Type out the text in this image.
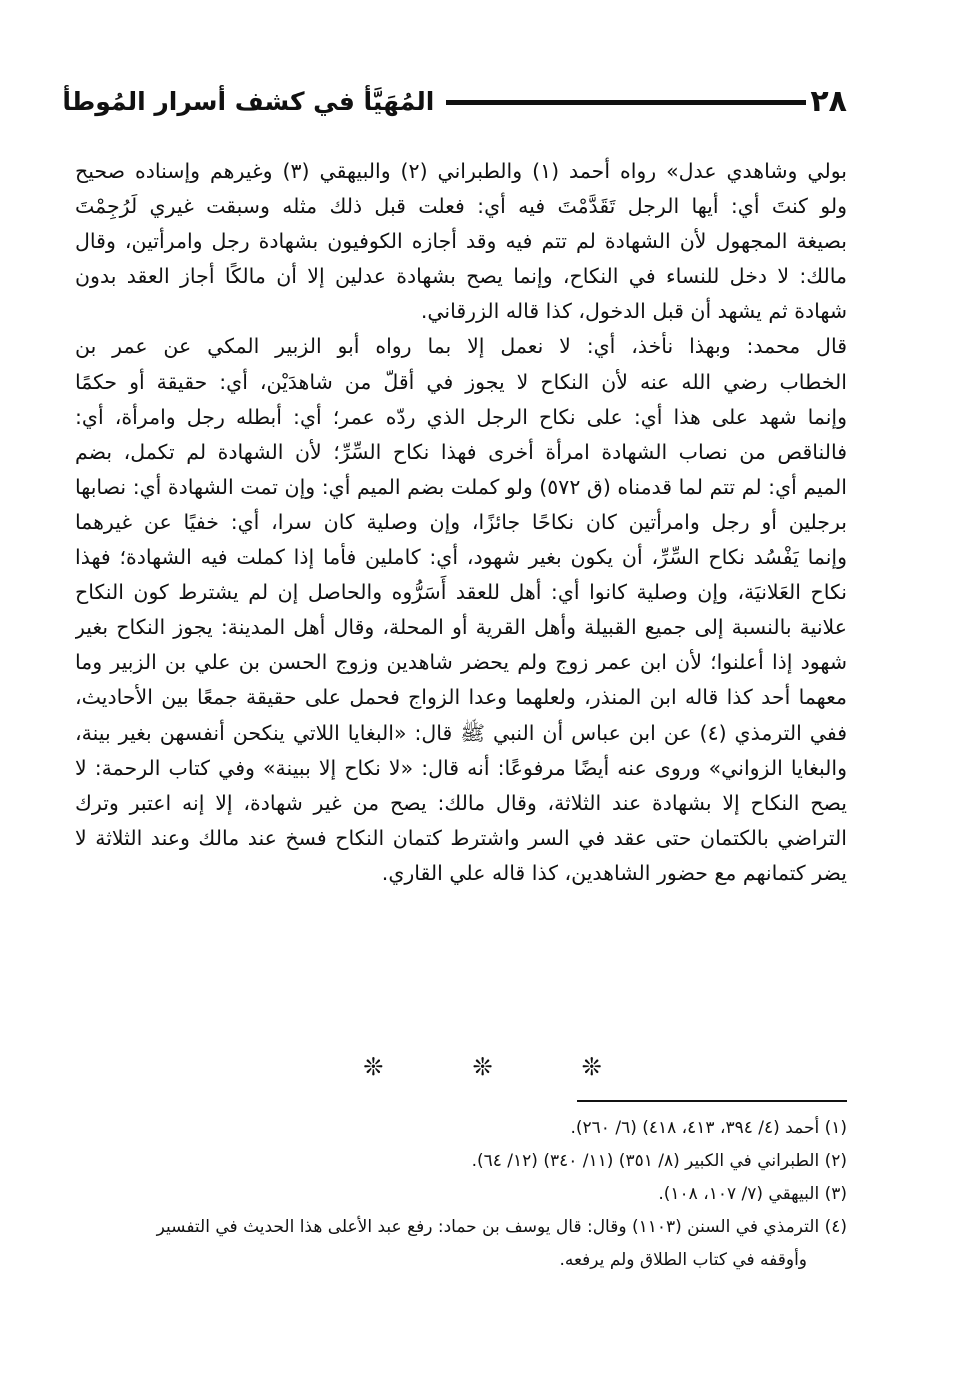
٢٨
المُهَيَّأ في كشف أسرار المُوطأ
بولي وشاهدي عدل» رواه أحمد (١) والطبراني (٢) والبيهقي (٣) وغيرهم وإسناده صحيح
ولو كنتَ أي: أيها الرجل تَقَدَّمْتَ فيه أي: فعلت قبل ذلك مثله وسبقت غيري لَرُجِمْتَ
بصيغة المجهول لأن الشهادة لم تتم فيه وقد أجازه الكوفيون بشهادة رجل وامرأتين، وقال
مالك: لا دخل للنساء في النكاح، وإنما يصح بشهادة عدلين إلا أن مالكًا أجاز العقد بدون
شهادة ثم يشهد أن قبل الدخول، كذا قاله الزرقاني.
قال محمد: وبهذا نأخذ، أي: لا نعمل إلا بما رواه أبو الزبير المكي عن عمر بن
الخطاب رضي الله عنه لأن النكاح لا يجوز في أقلّ من شاهدَيْن، أي: حقيقة أو حكمًا
وإنما شهد على هذا أي: على نكاح الرجل الذي ردّه عمر؛ أي: أبطله رجل وامرأة، أي:
فالناقص من نصاب الشهادة امرأة أخرى فهذا نكاح السِّرِّ؛ لأن الشهادة لم تكمل، بضم
الميم أي: لم تتم لما قدمناه (ق ٥٧٢) ولو كملت بضم الميم أي: وإن تمت الشهادة أي: نصابها
برجلين أو رجل وامرأتين كان نكاحًا جائزًا، وإن وصلية كان سرا، أي: خفيًا عن غيرهما
وإنما يَفْسُد نكاح السِّرِّ، أن يكون بغير شهود، أي: كاملين فأما إذا كملت فيه الشهادة؛ فهذا
نكاح العَلانيَة، وإن وصلية كانوا أي: أهل للعقد أَسَرُّوه والحاصل إن لم يشترط كون النكاح
علانية بالنسبة إلى جميع القبيلة وأهل القرية أو المحلة، وقال أهل المدينة: يجوز النكاح بغير
شهود إذا أعلنوا؛ لأن ابن عمر زوج ولم يحضر شاهدين وزوج الحسن بن علي بن الزبير وما
معهما أحد كذا قاله ابن المنذر، ولعلهما وعدا الزواج فحمل على حقيقة جمعًا بين الأحاديث،
ففي الترمذي (٤) عن ابن عباس أن النبي ﷺ قال: «البغايا اللاتي ينكحن أنفسهن بغير بينة،
والبغايا الزواني» وروى عنه أيضًا مرفوعًا: أنه قال: «لا نكاح إلا ببينة» وفي كتاب الرحمة: لا
يصح النكاح إلا بشهادة عند الثلاثة، وقال مالك: يصح من غير شهادة، إلا إنه اعتبر وترك
التراضي بالكتمان حتى عقد في السر واشترط كتمان النكاح فسخ عند مالك وعند الثلاثة لا
يضر كتمانهم مع حضور الشاهدين، كذا قاله علي القاري.
❊	❊	❊
(١) أحمد (٤/ ٣٩٤، ٤١٣، ٤١٨) (٦/ ٢٦٠).
(٢) الطبراني في الكبير (٨/ ٣٥١) (١١/ ٣٤٠) (١٢/ ٦٤).
(٣) البيهقي (٧/ ١٠٧، ١٠٨).
(٤) الترمذي في السنن (١١٠٣) وقال: قال يوسف بن حماد: رفع عبد الأعلى هذا الحديث في التفسير
وأوقفه في كتاب الطلاق ولم يرفعه.
